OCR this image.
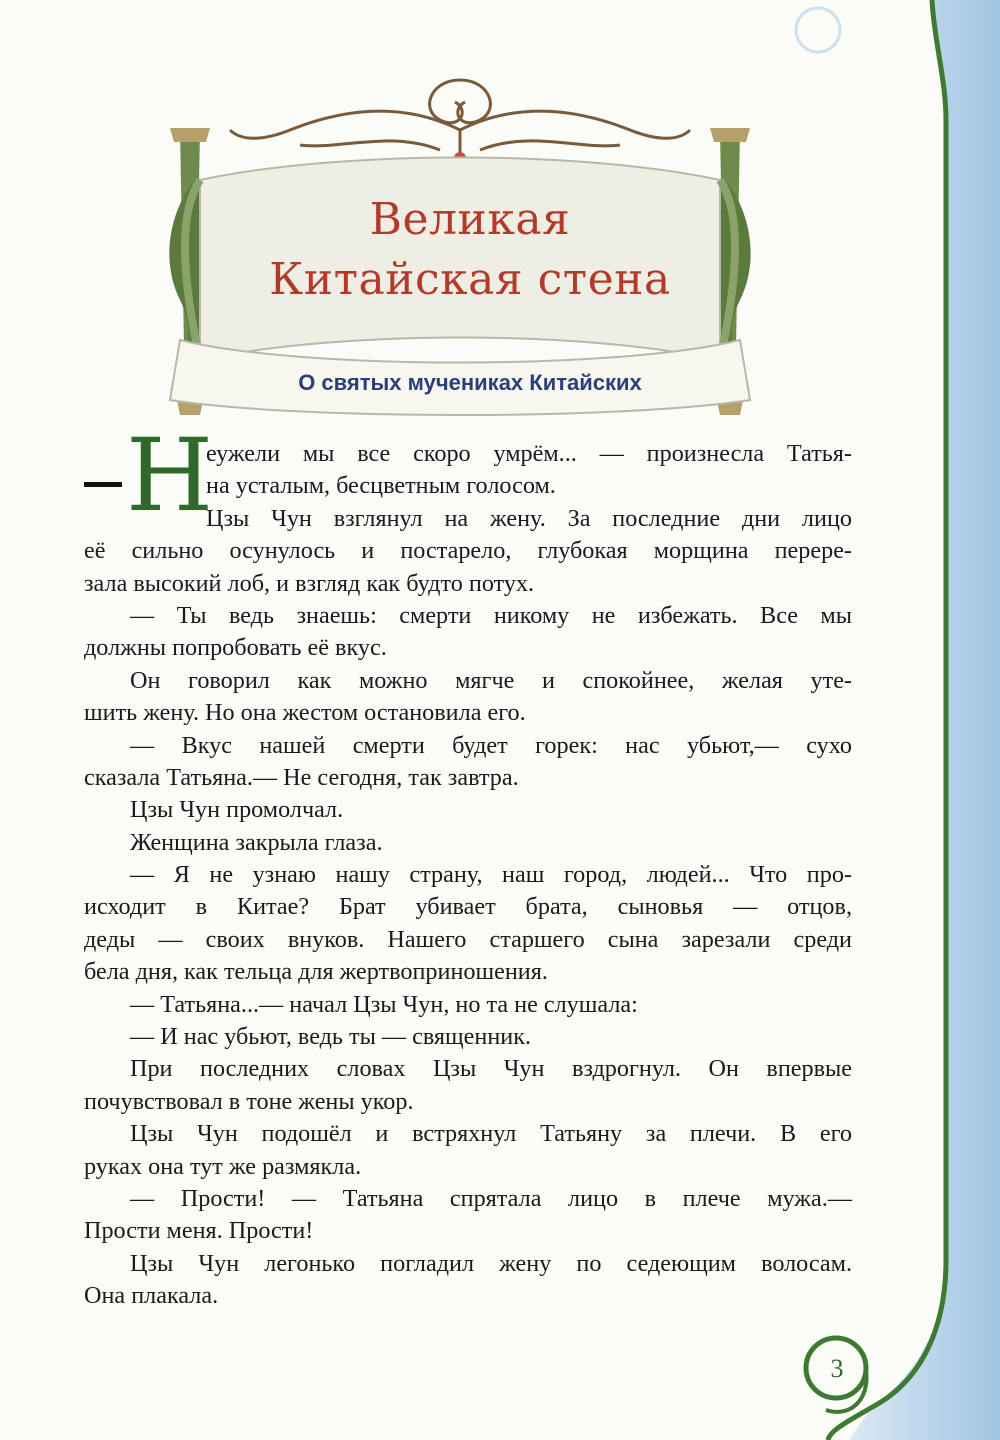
Великая
Китайская стена
О святых мучениках Китайских
Н
еужели мы все скоро умрём... — произнесла Татья-
на усталым, бесцветным голосом.
Цзы Чун взглянул на жену. За последние дни лицо
её сильно осунулось и постарело, глубокая морщина перере-
зала высокий лоб, и взгляд как будто потух.
— Ты ведь знаешь: смерти никому не избежать. Все мы
должны попробовать её вкус.
Он говорил как можно мягче и спокойнее, желая уте-
шить жену. Но она жестом остановила его.
— Вкус нашей смерти будет горек: нас убьют,— сухо
сказала Татьяна.— Не сегодня, так завтра.
Цзы Чун промолчал.
Женщина закрыла глаза.
— Я не узнаю нашу страну, наш город, людей... Что про-
исходит в Китае? Брат убивает брата, сыновья — отцов,
деды — своих внуков. Нашего старшего сына зарезали среди
бела дня, как тельца для жертвоприношения.
— Татьяна...— начал Цзы Чун, но та не слушала:
— И нас убьют, ведь ты — священник.
При последних словах Цзы Чун вздрогнул. Он впервые
почувствовал в тоне жены укор.
Цзы Чун подошёл и встряхнул Татьяну за плечи. В его
руках она тут же размякла.
— Прости! — Татьяна спрятала лицо в плече мужа.—
Прости меня. Прости!
Цзы Чун легонько погладил жену по седеющим волосам.
Она плакала.
3
